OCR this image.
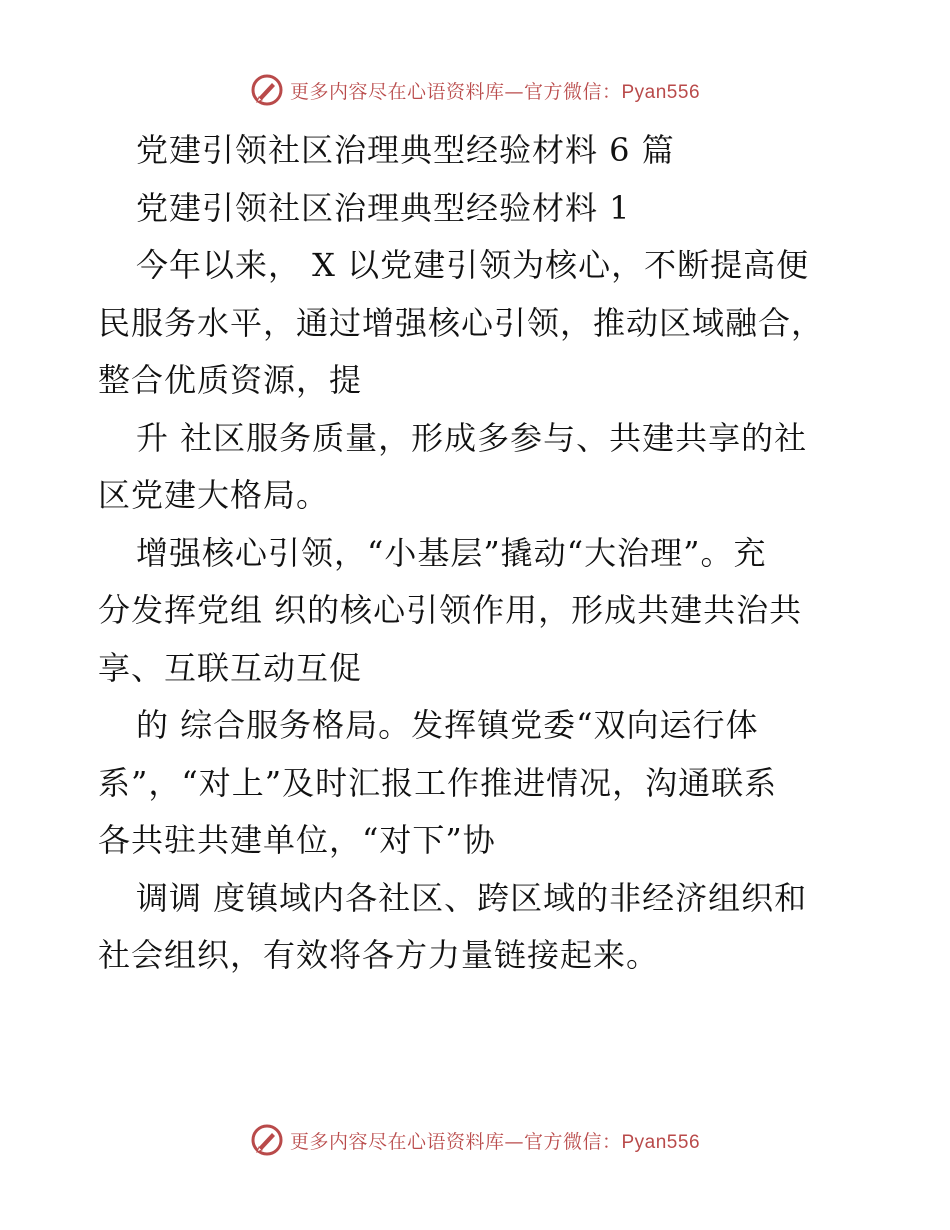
更多内容尽在心语资料库—官方微信：Pyan556
党建引领社区治理典型经验材料 6 篇
党建引领社区治理典型经验材料 1
今年以来， X 以党建引领为核心，不断提高便
民服务水平，通过增强核心引领，推动区域融合，
整合优质资源，提
升 社区服务质量，形成多参与、共建共享的社
区党建大格局。
增强核心引领，“小基层”撬动“大治理”。充
分发挥党组 织的核心引领作用，形成共建共治共
享、互联互动互促
的 综合服务格局。发挥镇党委“双向运行体
系”，“对上”及时汇报工作推进情况，沟通联系
各共驻共建单位，“对下”协
调调 度镇域内各社区、跨区域的非经济组织和
社会组织，有效将各方力量链接起来。
更多内容尽在心语资料库—官方微信：Pyan556
